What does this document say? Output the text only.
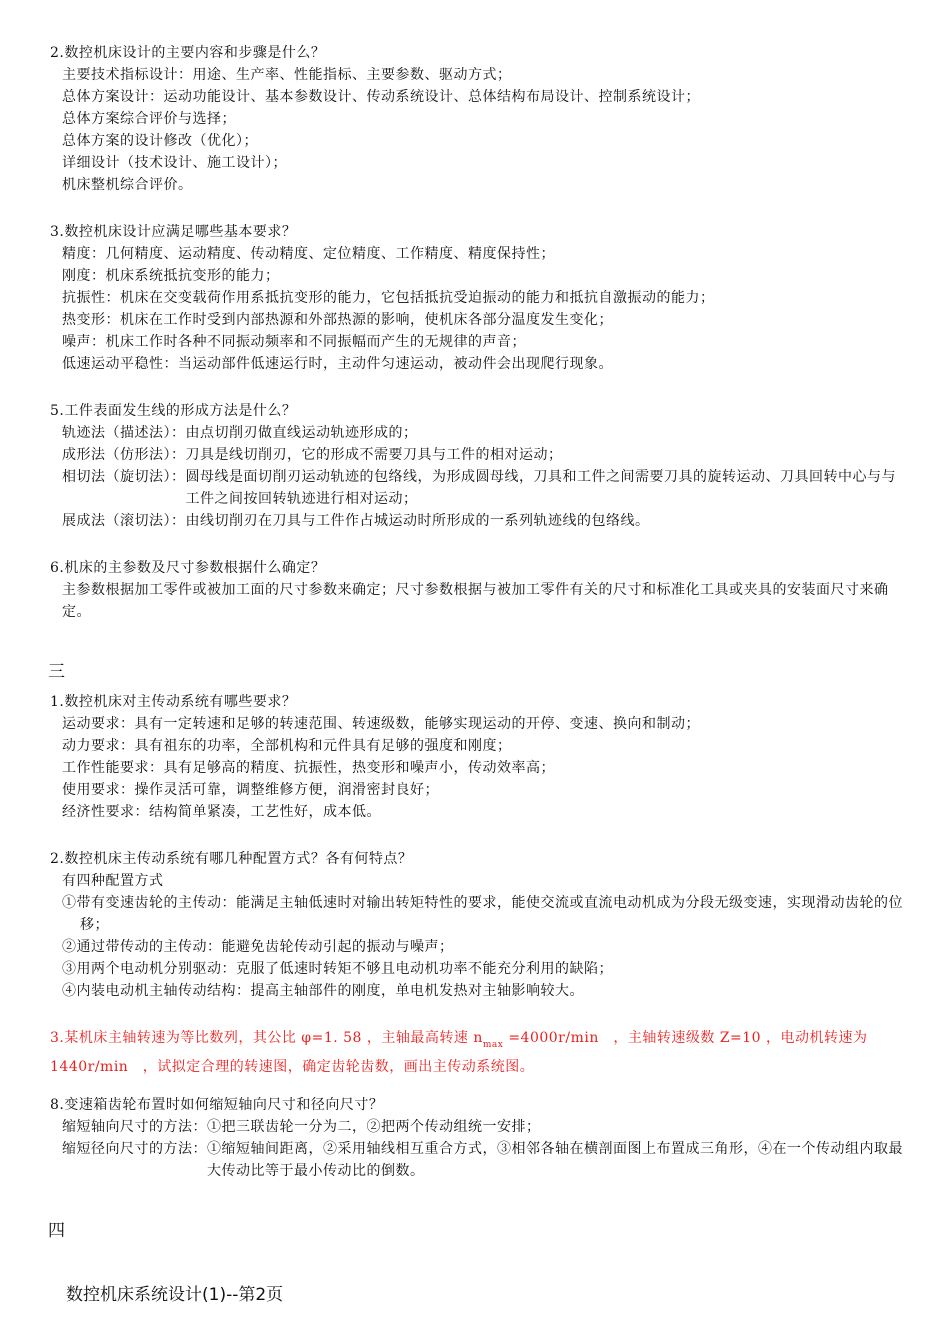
2.数控机床设计的主要内容和步骤是什么？

主要技术指标设计：用途、生产率、性能指标、主要参数、驱动方式；

总体方案设计：运动功能设计、基本参数设计、传动系统设计、总体结构布局设计、控制系统设计；

总体方案综合评价与选择；

总体方案的设计修改（优化）；

详细设计（技术设计、施工设计）；

机床整机综合评价。

3.数控机床设计应满足哪些基本要求？

精度：几何精度、运动精度、传动精度、定位精度、工作精度、精度保持性；

刚度：机床系统抵抗变形的能力；

抗振性：机床在交变载荷作用系抵抗变形的能力，它包括抵抗受迫振动的能力和抵抗自激振动的能力；

热变形：机床在工作时受到内部热源和外部热源的影响，使机床各部分温度发生变化；

噪声：机床工作时各种不同振动频率和不同振幅而产生的无规律的声音；

低速运动平稳性：当运动部件低速运行时，主动件匀速运动，被动件会出现爬行现象。

5.工件表面发生线的形成方法是什么？

轨迹法（描述法）： 由点切削刃做直线运动轨迹形成的；
成形法（仿形法）： 刀具是线切削刃，它的形成不需要刀具与工件的相对运动；
相切法（旋切法）： 圆母线是面切削刃运动轨迹的包络线，为形成圆母线，刀具和工件之间需要刀具的旋转运动、刀具回转中心与与工件之间按回转轨迹进行相对运动；
展成法（滚切法）： 由线切削刃在刀具与工件作占城运动时所形成的一系列轨迹线的包络线。

6.机床的主参数及尺寸参数根据什么确定？

主参数根据加工零件或被加工面的尺寸参数来确定；尺寸参数根据与被加工零件有关的尺寸和标准化工具或夹具的安装面尺寸来确定。

三

1.数控机床对主传动系统有哪些要求？

运动要求：具有一定转速和足够的转速范围、转速级数，能够实现运动的开停、变速、换向和制动；

动力要求：具有祖东的功率，全部机构和元件具有足够的强度和刚度；

工作性能要求：具有足够高的精度、抗振性，热变形和噪声小，传动效率高；

使用要求：操作灵活可靠，调整维修方便，润滑密封良好；

经济性要求：结构简单紧凑，工艺性好，成本低。

2.数控机床主传动系统有哪几种配置方式？各有何特点？

有四种配置方式

①带有变速齿轮的主传动：能满足主轴低速时对输出转矩特性的要求，能使交流或直流电动机成为分段无级变速，实现滑动齿轮的位移；

②通过带传动的主传动：能避免齿轮传动引起的振动与噪声；

③用两个电动机分别驱动：克服了低速时转矩不够且电动机功率不能充分利用的缺陷；

④内装电动机主轴传动结构：提高主轴部件的刚度，单电机发热对主轴影响较大。

3.某机床主轴转速为等比数列，其公比 φ=1. 58 ，主轴最高转速 $n_{max} =4000r/\min$　，主轴转速级数 Z=10 ，电动机转速为 1440r/min　，试拟定合理的转速图，确定齿轮齿数，画出主传动系统图。

8.变速箱齿轮布置时如何缩短轴向尺寸和径向尺寸？

缩短轴向尺寸的方法： ①把三联齿轮一分为二，②把两个传动组统一安排；
缩短径向尺寸的方法： ①缩短轴间距离，②采用轴线相互重合方式，③相邻各轴在横剖面图上布置成三角形，④在一个传动组内取最大传动比等于最小传动比的倒数。
四
数控机床系统设计(1)--第2页
